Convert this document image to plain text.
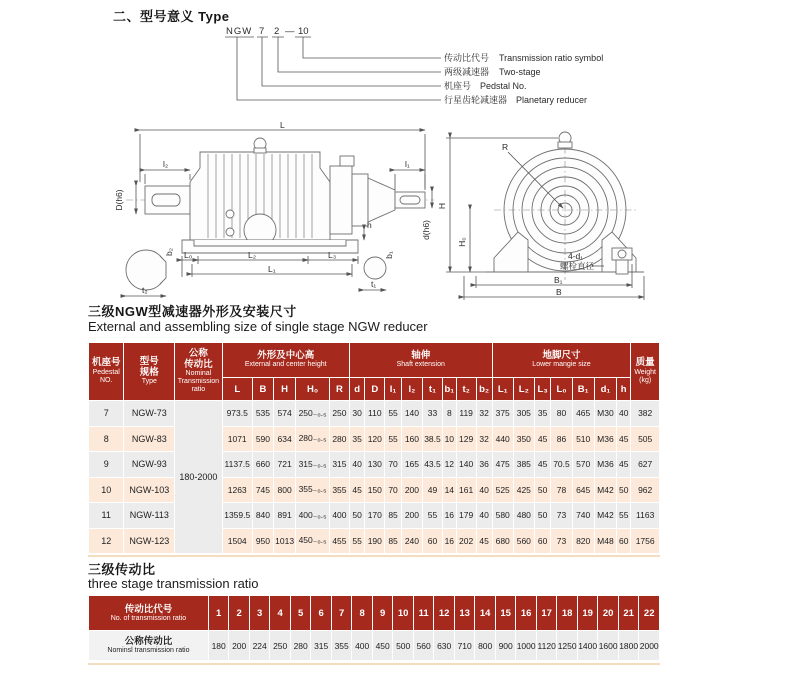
二、型号意义 Type
NGW 7 2 — 10
传动比代号 Transmission ratio symbol
两级减速器 Two-stage
机座号 Pedstal No.
行星齿轮减速器 Planetary reducer
L
l₂	l₁
D(h6)
d(h6)
L₀	L₂	L₃
L₁
h
b₂
t₂
b₁
t₁
R
H
H₀
B₁
B
4-d₁
螺栓直径
三级NGW型减速器外形及安装尺寸
External and assembling size of single stage NGW reducer
机座号
Pedestal
NO.

型号
规格
Type

公称
传动比
Nominal
Transmission
ratio

外形及中心高
External and center height

轴伸
Shaft extension

地脚尺寸
Lower mangie size	质量
Weight
(kg)

			L	B	H	H₀	R	d	D	l₁	l₂	t₁	b₁	t₂	b₂	L₁	L₂	L₃	L₀	B₁	d₁	h	
7	NGW-73	180-2000	973.5	535	574	250₋₀.₅	250	30	110	55	140	33	8	119	32	375	305	35	80	465	M30	40	382
8	NGW-83		1071	590	634	280₋₀.₅	280	35	120	55	160	38.5	10	129	32	440	350	45	86	510	M36	45	505
9	NGW-93		1137.5	660	721	315₋₀.₅	315	40	130	70	165	43.5	12	140	36	475	385	45	70.5	570	M36	45	627
10	NGW-103		1263	745	800	355₋₀.₅	355	45	150	70	200	49	14	161	40	525	425	50	78	645	M42	50	962
11	NGW-113		1359.5	840	891	400₋₀.₅	400	50	170	85	200	55	16	179	40	580	480	50	73	740	M42	55	1163
12	NGW-123		1504	950	1013	450₋₀.₅	455	55	190	85	240	60	16	202	45	680	560	60	73	820	M48	60	1756
三级传动比
three stage transmission ratio
传动比代号
No. of transmission ratio	1	2	3	4	5	6	7	8	9	10	11	12	13	14	15	16	17	18	19	20	21	22

公称传动比
Nominsl transmission ratio	180	200	224	250	280	315	355	400	450	500	560	630	710	800	900	1000	1120	1250	1400	1600	1800	2000
